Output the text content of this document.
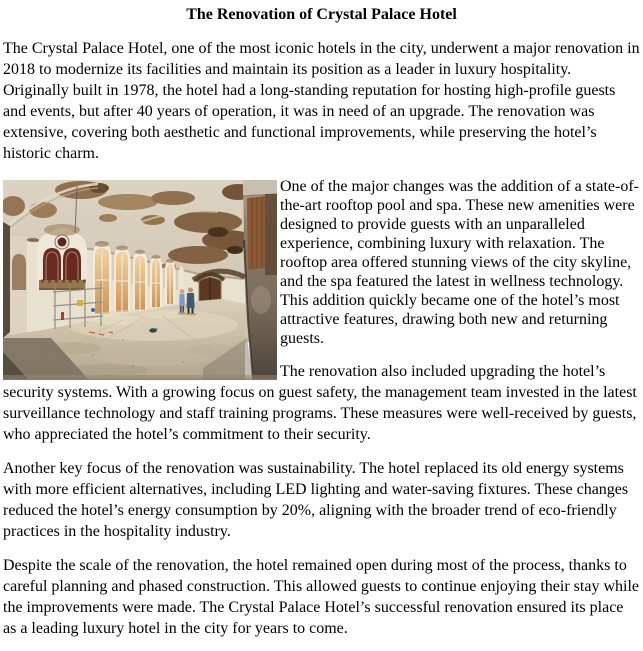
The Renovation of Crystal Palace Hotel

The Crystal Palace Hotel, one of the most iconic hotels in the city, underwent a major renovation in 2018 to modernize its facilities and maintain its position as a leader in luxury hospitality. Originally built in 1978, the hotel had a long-standing reputation for hosting high-profile guests and events, but after 40 years of operation, it was in need of an upgrade. The renovation was extensive, covering both aesthetic and functional improvements, while preserving the hotel’s historic charm.

One of the major changes was the addition of a state-of-the-art rooftop pool and spa. These new amenities were designed to provide guests with an unparalleled experience, combining luxury with relaxation. The rooftop area offered stunning views of the city skyline, and the spa featured the latest in wellness technology. This addition quickly became one of the hotel’s most attractive features, drawing both new and returning guests.

The renovation also included upgrading the hotel’s security systems. With a growing focus on guest safety, the management team invested in the latest surveillance technology and staff training programs. These measures were well-received by guests, who appreciated the hotel’s commitment to their security.

Another key focus of the renovation was sustainability. The hotel replaced its old energy systems with more efficient alternatives, including LED lighting and water-saving fixtures. These changes reduced the hotel’s energy consumption by 20%, aligning with the broader trend of eco-friendly practices in the hospitality industry.

Despite the scale of the renovation, the hotel remained open during most of the process, thanks to careful planning and phased construction. This allowed guests to continue enjoying their stay while the improvements were made. The Crystal Palace Hotel’s successful renovation ensured its place as a leading luxury hotel in the city for years to come.
